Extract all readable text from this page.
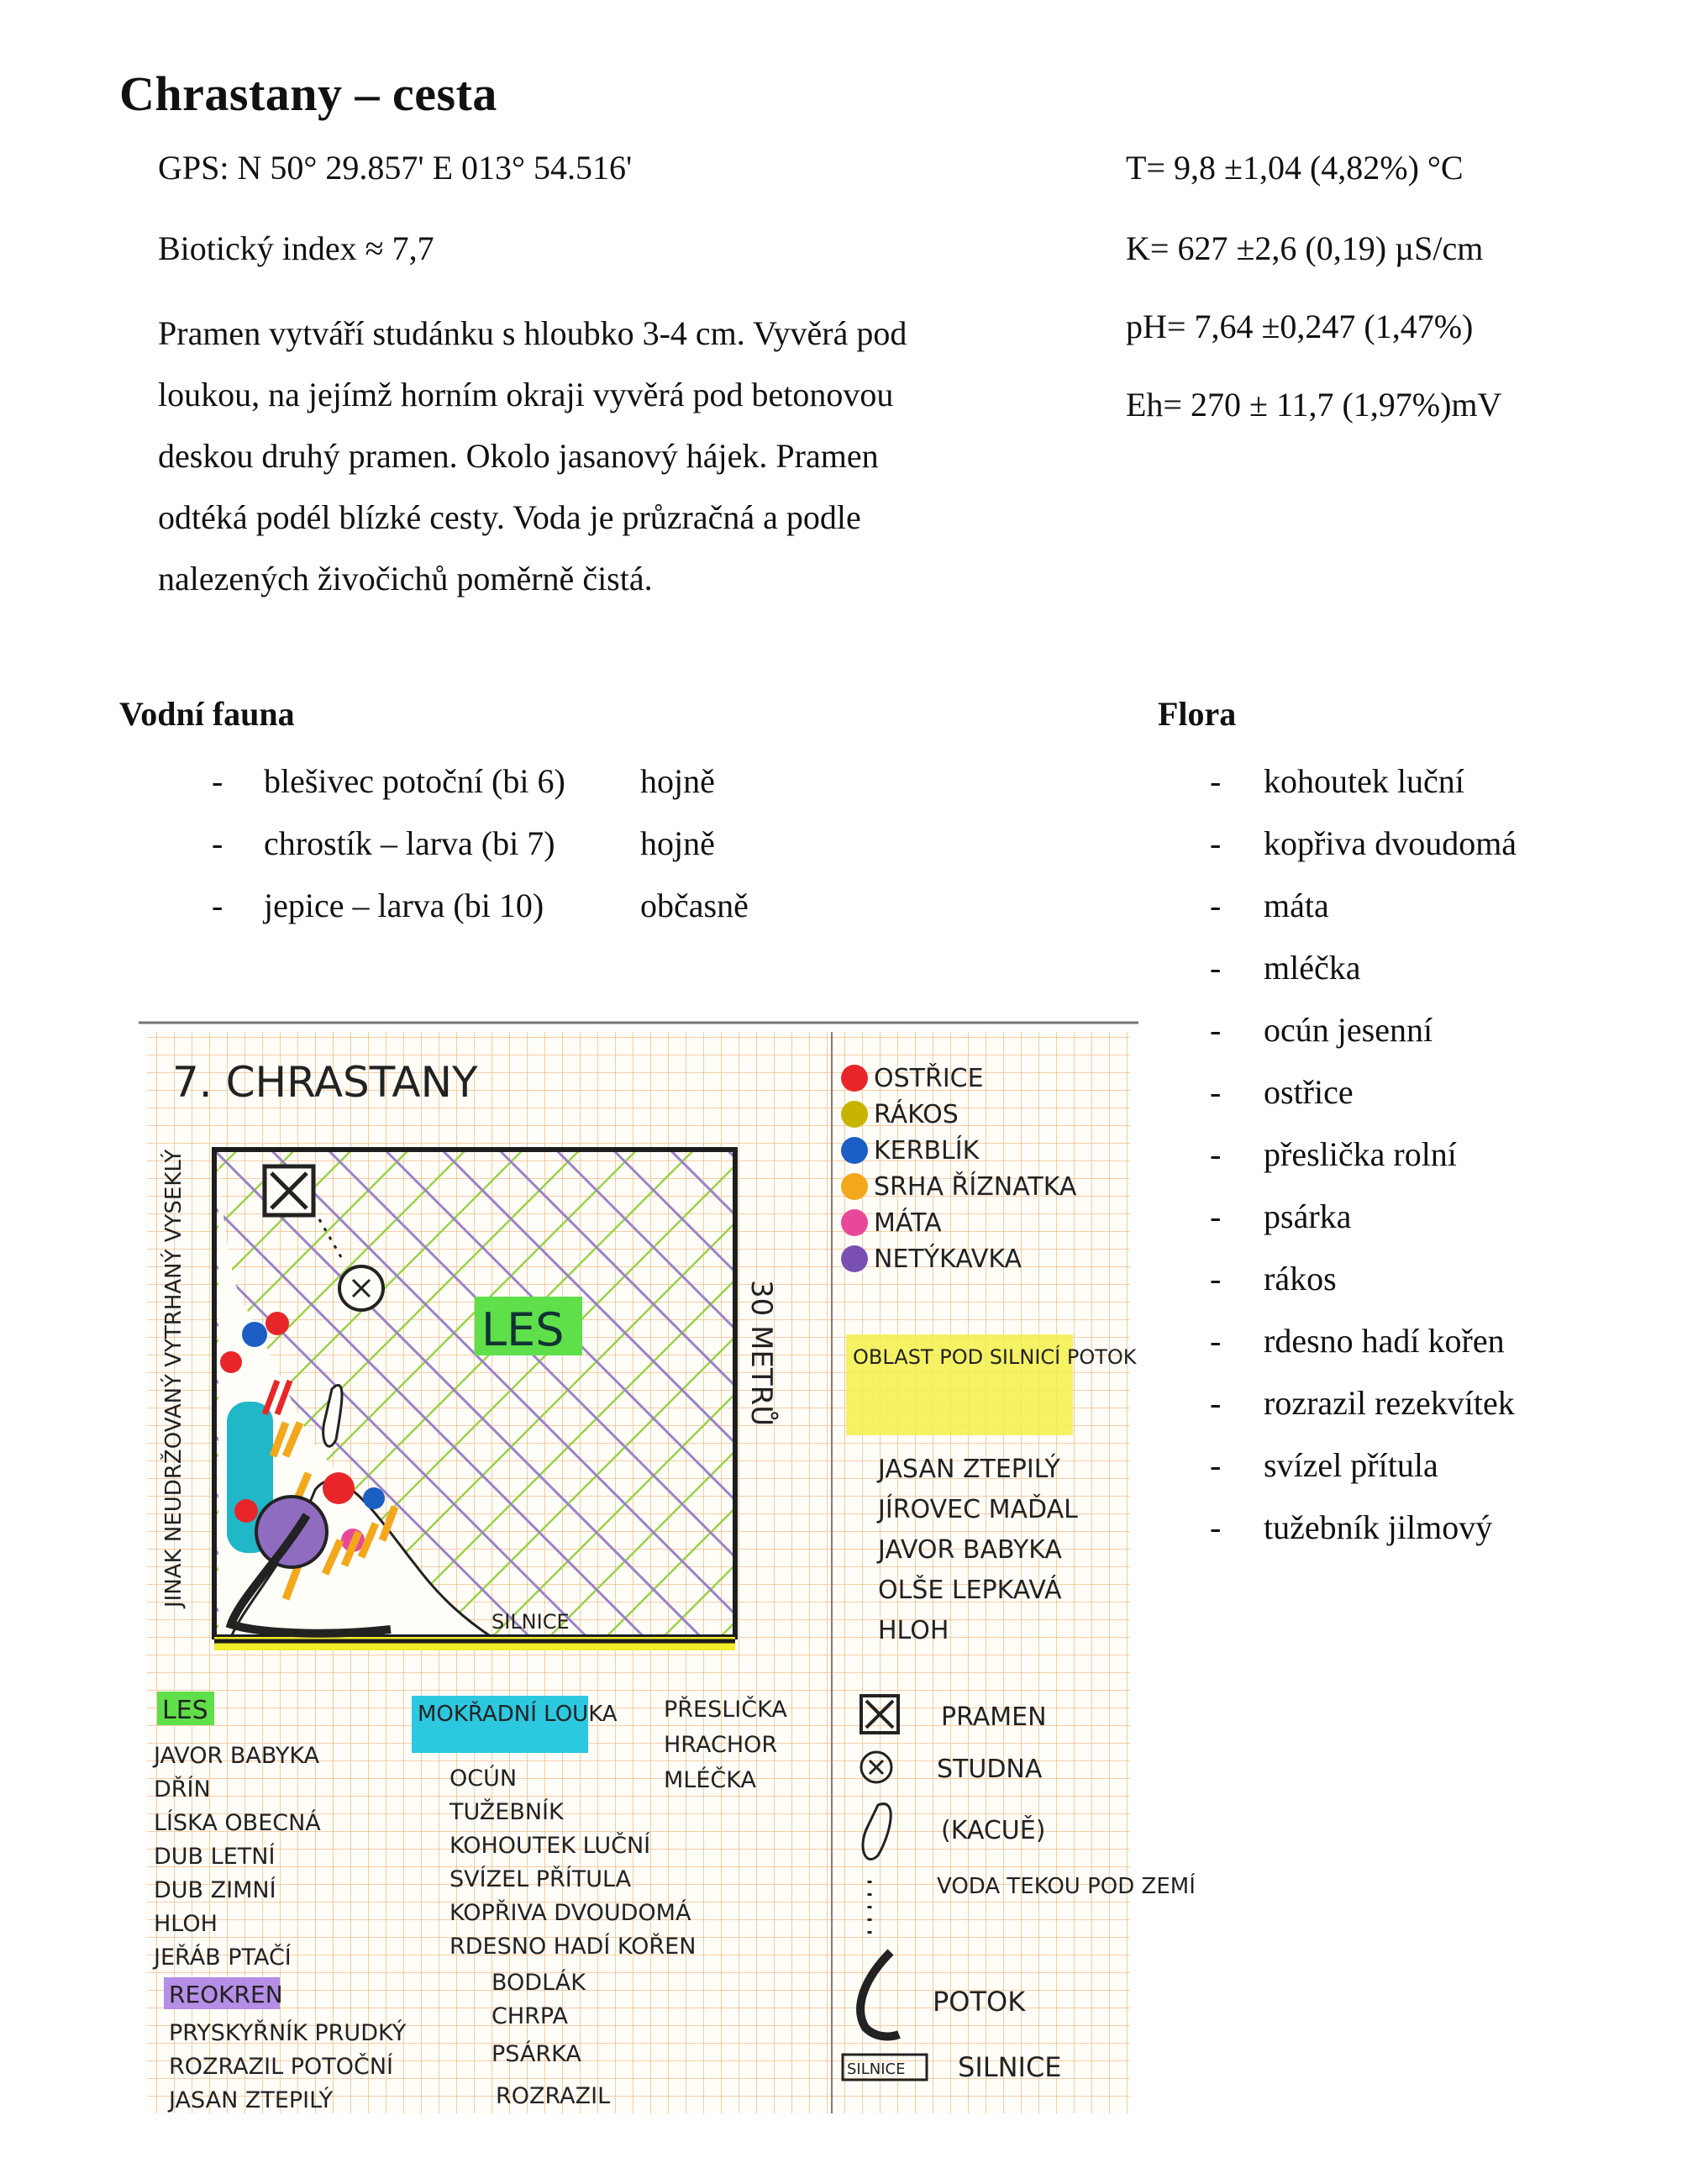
Chrastany – cesta
GPS: N 50° 29.857' E 013° 54.516'
Biotický index ≈ 7,7
Pramen vytváří studánku s hloubko 3-4 cm. Vyvěrá pod
loukou, na jejímž horním okraji vyvěrá pod betonovou
deskou druhý pramen. Okolo jasanový hájek. Pramen
odtéká podél blízké cesty. Voda je průzračná a podle
nalezených živočichů poměrně čistá.
T= 9,8 ±1,04 (4,82%) °C
K= 627 ±2,6 (0,19) µS/cm
pH= 7,64 ±0,247 (1,47%)
Eh= 270 ± 11,7 (1,97%)mV
Vodní fauna	Flora
- blešivec potoční (bi 6) hojně
- chrostík – larva (bi 7)	hojně
- jepice – larva (bi 10)	občasně
- kohoutek luční
- kopřiva dvoudomá
- máta
- mléčka
- ocún jesenní
- ostřice
- přeslička rolní
- psárka
- rákos
- rdesno hadí kořen
- rozrazil rezekvítek
- svízel přítula
- tužebník jilmový
7. CHRASTANY
SILNICE
LES
JINAK NEUDRŽOVANÝ VYTRHANÝ VYSEKLÝ	30 METRŮ
OSTŘICE
RÁKOS
KERBLÍK
SRHA ŘÍZNATKA
MÁTA
NETÝKAVKA
OBLAST POD SILNICÍ POTOK
JASAN ZTEPILÝ
JÍROVEC MAĎAL
JAVOR BABYKA
OLŠE LEPKAVÁ
HLOH
LES
JAVOR BABYKA
DŘÍN
LÍSKA OBECNÁ
DUB LETNÍ
DUB ZIMNÍ
HLOH
JEŘÁB PTAČÍ
REOKREN
PRYSKYŘNÍK PRUDKÝ
ROZRAZIL POTOČNÍ
JASAN ZTEPILÝ
MOKŘADNÍ LOUKA
OCÚN
TUŽEBNÍK
KOHOUTEK LUČNÍ
SVÍZEL PŘÍTULA
KOPŘIVA DVOUDOMÁ
RDESNO HADÍ KOŘEN
BODLÁK
CHRPA
PSÁRKA
ROZRAZIL
PŘESLIČKA
HRACHOR
MLÉČKA
PRAMEN
STUDNA
(KACUĚ)
VODA TEKOU POD ZEMÍ
POTOK
SILNICE SILNICE
